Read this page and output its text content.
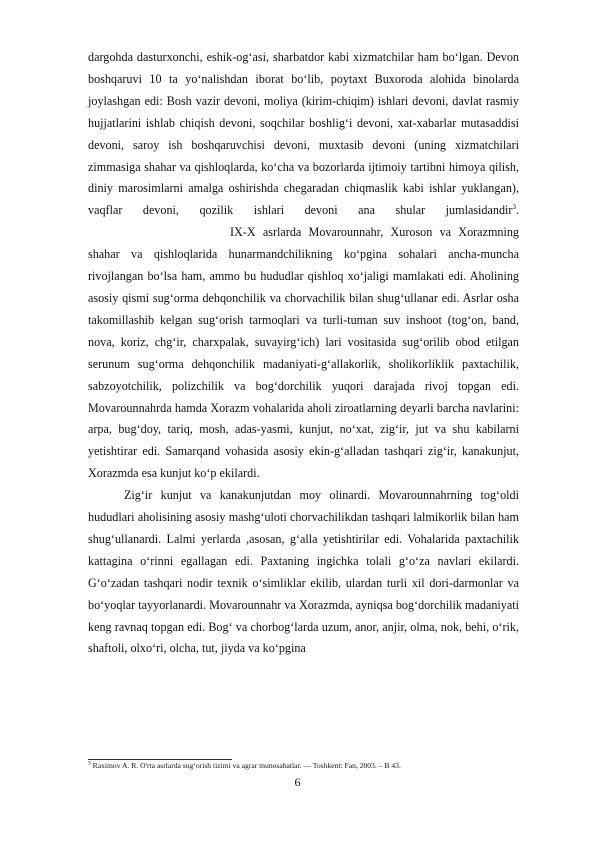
dargohda dasturxonchi, eshik-og‘asi, sharbatdor kabi xizmatchilar ham bo‘lgan. Devon boshqaruvi 10 ta yo‘nalishdan iborat bo‘lib, poytaxt Buxoroda alohida binolarda joylashgan edi: Bosh vazir devoni, moliya (kirim-chiqim) ishlari devoni, davlat rasmiy hujjatlarini ishlab chiqish devoni, soqchilar boshlig‘i devoni, xat-xabarlar mutasaddisi devoni, saroy ish boshqaruvchisi devoni, muxtasib devoni (uning xizmatchilari zimmasiga shahar va qishloqlarda, ko‘cha va bozorlarda ijtimoiy tartibni himoya qilish, diniy marosimlarni amalga oshirishda chegaradan chiqmaslik kabi ishlar yuklangan), vaqflar devoni, qozilik ishlari devoni ana shular jumlasidandir$^3$.IX-X asrlarda Movarounnahr, Xuroson va Xorazmning shahar va qishloqlarida hunarmandchilikning ko‘pgina sohalari ancha-muncha rivojlangan bo‘lsa ham, ammo bu hududlar qishloq xo‘jaligi mamlakati edi. Aholining asosiy qismi sug‘orma dehqonchilik va chorvachilik bilan shug‘ullanar edi. Asrlar osha takomillashib kelgan sug‘orish tarmoqlari va turli-tuman suv inshoot (tog‘on, band, nova, koriz, chg‘ir, charxpalak, suvayirg‘ich) lari vositasida sug‘orilib obod etilgan serunum sug‘orma dehqonchilik madaniyati-g‘allakorlik, sholikorliklik paxtachilik, sabzoyotchilik, polizchilik va bog‘dorchilik yuqori darajada rivoj topgan edi. Movarounnahrda hamda Xorazm vohalarida aholi ziroatlarning deyarli barcha navlarini: arpa, bug‘doy, tariq, mosh, adas-yasmi, kunjut, no‘xat, zig‘ir, jut va shu kabilarni yetishtirar edi. Samarqand vohasida asosiy ekin-g‘alladan tashqari zig‘ir, kanakunjut, Xorazmda esa kunjut ko‘p ekilardi.

Zig‘ir kunjut va kanakunjutdan moy olinardi. Movarounnahrning tog‘oldi hududlari aholisining asosiy mashg‘uloti chorvachilikdan tashqari lalmikorlik bilan ham shug‘ullanardi. Lalmi yerlarda ,asosan, g‘alla yetishtirilar edi. Vohalarida paxtachilik kattagina o‘rinni egallagan edi. Paxtaning ingichka tolali g‘o‘za navlari ekilardi. G‘o‘zadan tashqari nodir texnik o‘simliklar ekilib, ulardan turli xil dori-darmonlar va bo‘yoqlar tayyorlanardi. Movarounnahr va Xorazmda, ayniqsa bog‘dorchilik madaniyati keng ravnaq topgan edi. Bog‘ va chorbog‘larda uzum, anor, anjir, olma, nok, behi, o‘rik, shaftoli, olxo‘ri, olcha, tut, jiyda va ko‘pgina

$^3$ Raximov A. R. O'rta asrlarda sug‘orish tizimi va agrar munosabatlar. — Toshkent: Fan, 2003. – B 43.
6
